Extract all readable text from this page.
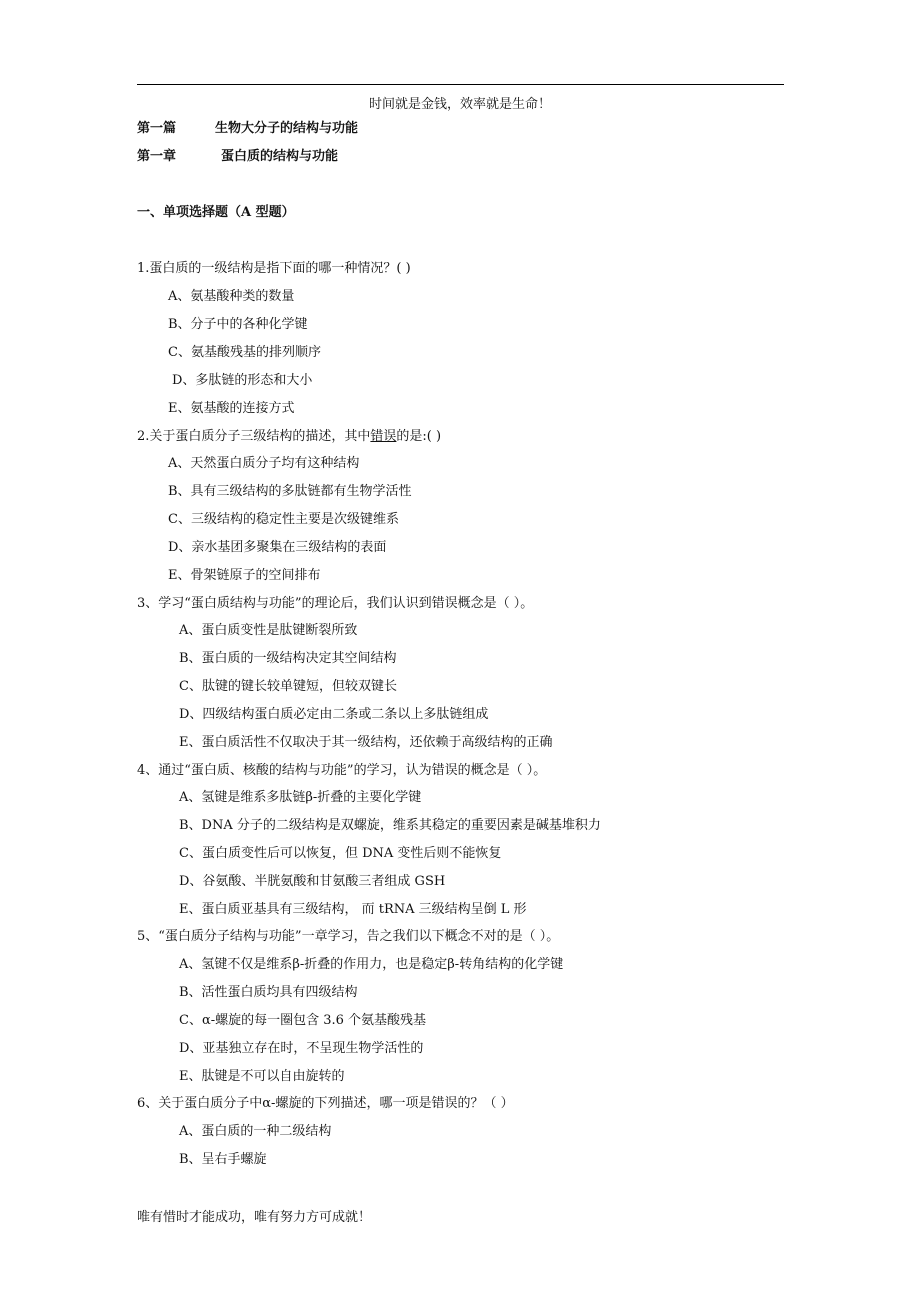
时间就是金钱，效率就是生命！
第一篇	生物大分子的结构与功能
第一章	蛋白质的结构与功能
一、单项选择题（A 型题）
1.蛋白质的一级结构是指下面的哪一种情况？( )
A、氨基酸种类的数量
B、分子中的各种化学键
C、氨基酸残基的排列顺序
D、多肽链的形态和大小
E、氨基酸的连接方式
2.关于蛋白质分子三级结构的描述，其中错误的是:( )
A、天然蛋白质分子均有这种结构
B、具有三级结构的多肽链都有生物学活性
C、三级结构的稳定性主要是次级键维系
D、亲水基团多聚集在三级结构的表面
E、骨架链原子的空间排布
3、学习“蛋白质结构与功能”的理论后，我们认识到错误概念是（ ）。
A、蛋白质变性是肽键断裂所致
B、蛋白质的一级结构决定其空间结构
C、肽键的键长较单键短，但较双键长
D、四级结构蛋白质必定由二条或二条以上多肽链组成
E、蛋白质活性不仅取决于其一级结构，还依赖于高级结构的正确
4、通过“蛋白质、核酸的结构与功能”的学习，认为错误的概念是（ ）。
A、氢键是维系多肽链β-折叠的主要化学键
B、DNA 分子的二级结构是双螺旋，维系其稳定的重要因素是碱基堆积力
C、蛋白质变性后可以恢复，但 DNA 变性后则不能恢复
D、谷氨酸、半胱氨酸和甘氨酸三者组成 GSH
E、蛋白质亚基具有三级结构， 而 tRNA 三级结构呈倒 L 形
5、“蛋白质分子结构与功能”一章学习，告之我们以下概念不对的是（ ）。
A、氢键不仅是维系β-折叠的作用力，也是稳定β-转角结构的化学键
B、活性蛋白质均具有四级结构
C、α-螺旋的每一圈包含 3.6 个氨基酸残基
D、亚基独立存在时，不呈现生物学活性的
E、肽键是不可以自由旋转的
6、关于蛋白质分子中α-螺旋的下列描述，哪一项是错误的？（ ）
A、蛋白质的一种二级结构
B、呈右手螺旋
唯有惜时才能成功，唯有努力方可成就！
